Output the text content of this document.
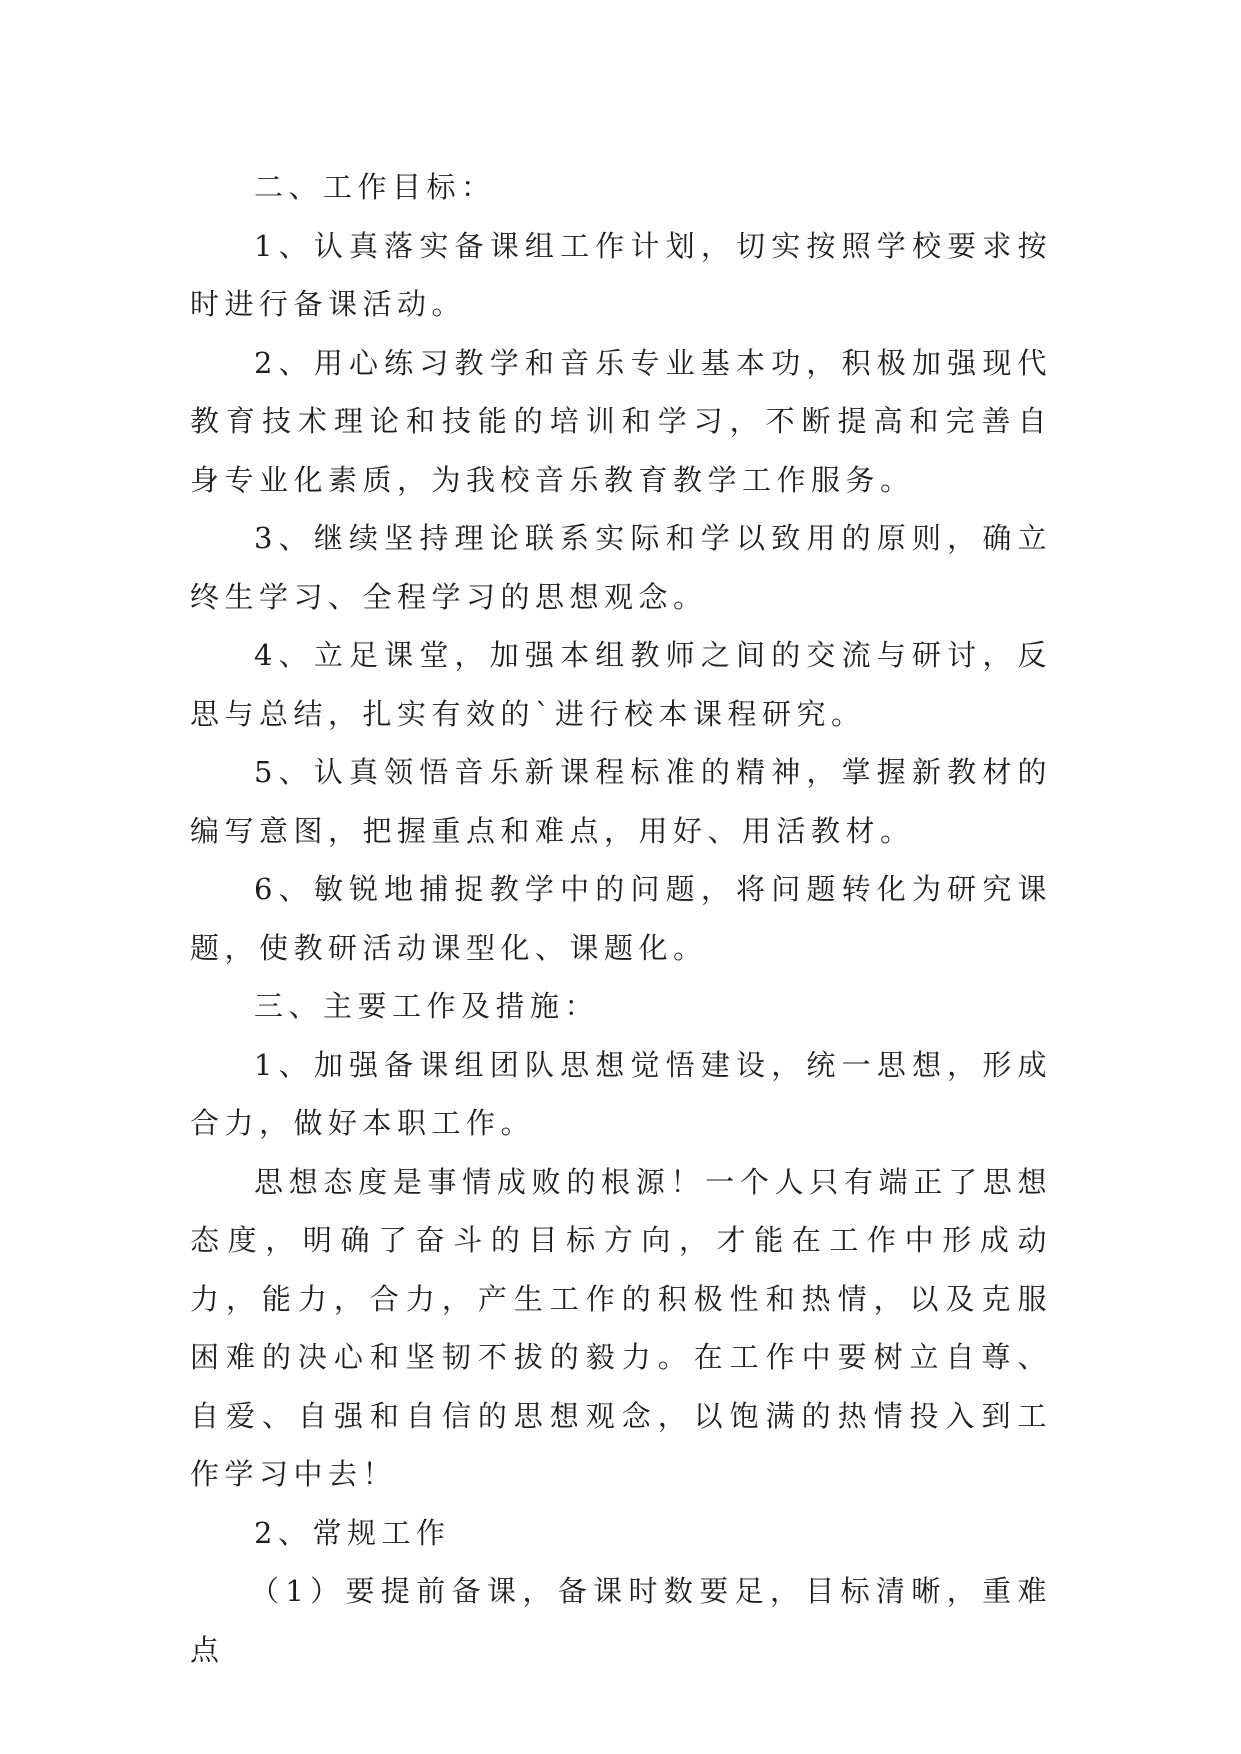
二、工作目标：

1、认真落实备课组工作计划，切实按照学校要求按时进行备课活动。

2、用心练习教学和音乐专业基本功，积极加强现代教育技术理论和技能的培训和学习，不断提高和完善自身专业化素质，为我校音乐教育教学工作服务。

3、继续坚持理论联系实际和学以致用的原则，确立终生学习、全程学习的思想观念。

4、立足课堂，加强本组教师之间的交流与研讨，反思与总结，扎实有效的`进行校本课程研究。

5、认真领悟音乐新课程标准的精神，掌握新教材的编写意图，把握重点和难点，用好、用活教材。

6、敏锐地捕捉教学中的问题，将问题转化为研究课题，使教研活动课型化、课题化。

三、主要工作及措施：

1、加强备课组团队思想觉悟建设，统一思想，形成合力，做好本职工作。

思想态度是事情成败的根源！一个人只有端正了思想态度，明确了奋斗的目标方向，才能在工作中形成动力，能力，合力，产生工作的积极性和热情，以及克服困难的决心和坚韧不拔的毅力。在工作中要树立自尊、自爱、自强和自信的思想观念，以饱满的热情投入到工作学习中去！

2、常规工作

（1）要提前备课，备课时数要足，目标清晰，重难点
